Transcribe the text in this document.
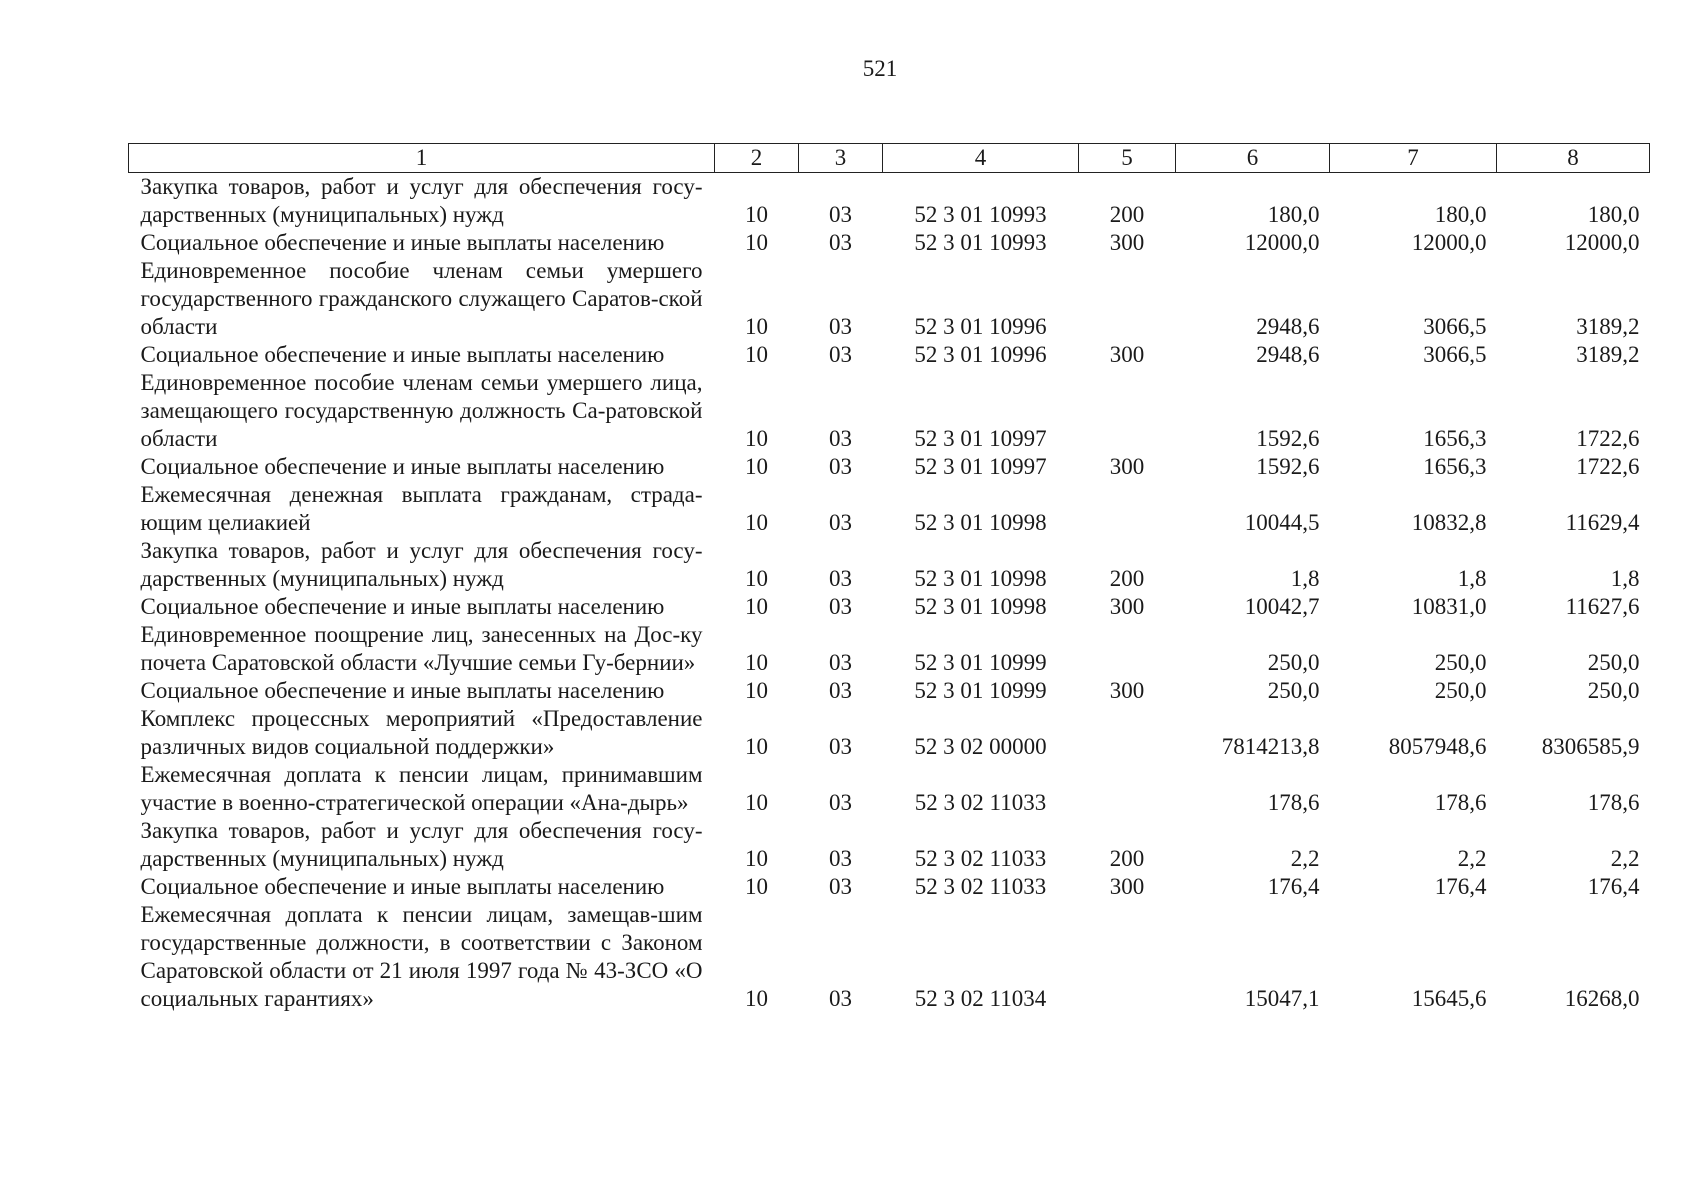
521
1	2	3	4	5	6	7	8
Закупка товаров, работ и услуг для обеспечения госу-дарственных (муниципальных) нужд	10	03	52 3 01 10993	200	180,0	180,0	180,0
Социальное обеспечение и иные выплаты населению	10	03	52 3 01 10993	300	12000,0	12000,0	12000,0
Единовременное пособие членам семьи умершего государственного гражданского служащего Саратов-ской области	10	03	52 3 01 10996		2948,6	3066,5	3189,2
Социальное обеспечение и иные выплаты населению	10	03	52 3 01 10996	300	2948,6	3066,5	3189,2
Единовременное пособие членам семьи умершего лица, замещающего государственную должность Са-ратовской области	10	03	52 3 01 10997		1592,6	1656,3	1722,6
Социальное обеспечение и иные выплаты населению	10	03	52 3 01 10997	300	1592,6	1656,3	1722,6
Ежемесячная денежная выплата гражданам, страда-ющим целиакией	10	03	52 3 01 10998		10044,5	10832,8	11629,4
Закупка товаров, работ и услуг для обеспечения госу-дарственных (муниципальных) нужд	10	03	52 3 01 10998	200	1,8	1,8	1,8
Социальное обеспечение и иные выплаты населению	10	03	52 3 01 10998	300	10042,7	10831,0	11627,6
Единовременное поощрение лиц, занесенных на Дос-ку почета Саратовской области «Лучшие семьи Гу-бернии»	10	03	52 3 01 10999		250,0	250,0	250,0
Социальное обеспечение и иные выплаты населению	10	03	52 3 01 10999	300	250,0	250,0	250,0
Комплекс процессных мероприятий «Предоставление различных видов социальной поддержки»	10	03	52 3 02 00000		7814213,8	8057948,6	8306585,9
Ежемесячная доплата к пенсии лицам, принимавшим участие в военно-стратегической операции «Ана-дырь»	10	03	52 3 02 11033		178,6	178,6	178,6
Закупка товаров, работ и услуг для обеспечения госу-дарственных (муниципальных) нужд	10	03	52 3 02 11033	200	2,2	2,2	2,2
Социальное обеспечение и иные выплаты населению	10	03	52 3 02 11033	300	176,4	176,4	176,4
Ежемесячная доплата к пенсии лицам, замещав-шим государственные должности, в соответствии с Законом Саратовской области от 21 июля 1997 года № 43-ЗСО «О социальных гарантиях»	10	03	52 3 02 11034		15047,1	15645,6	16268,0
